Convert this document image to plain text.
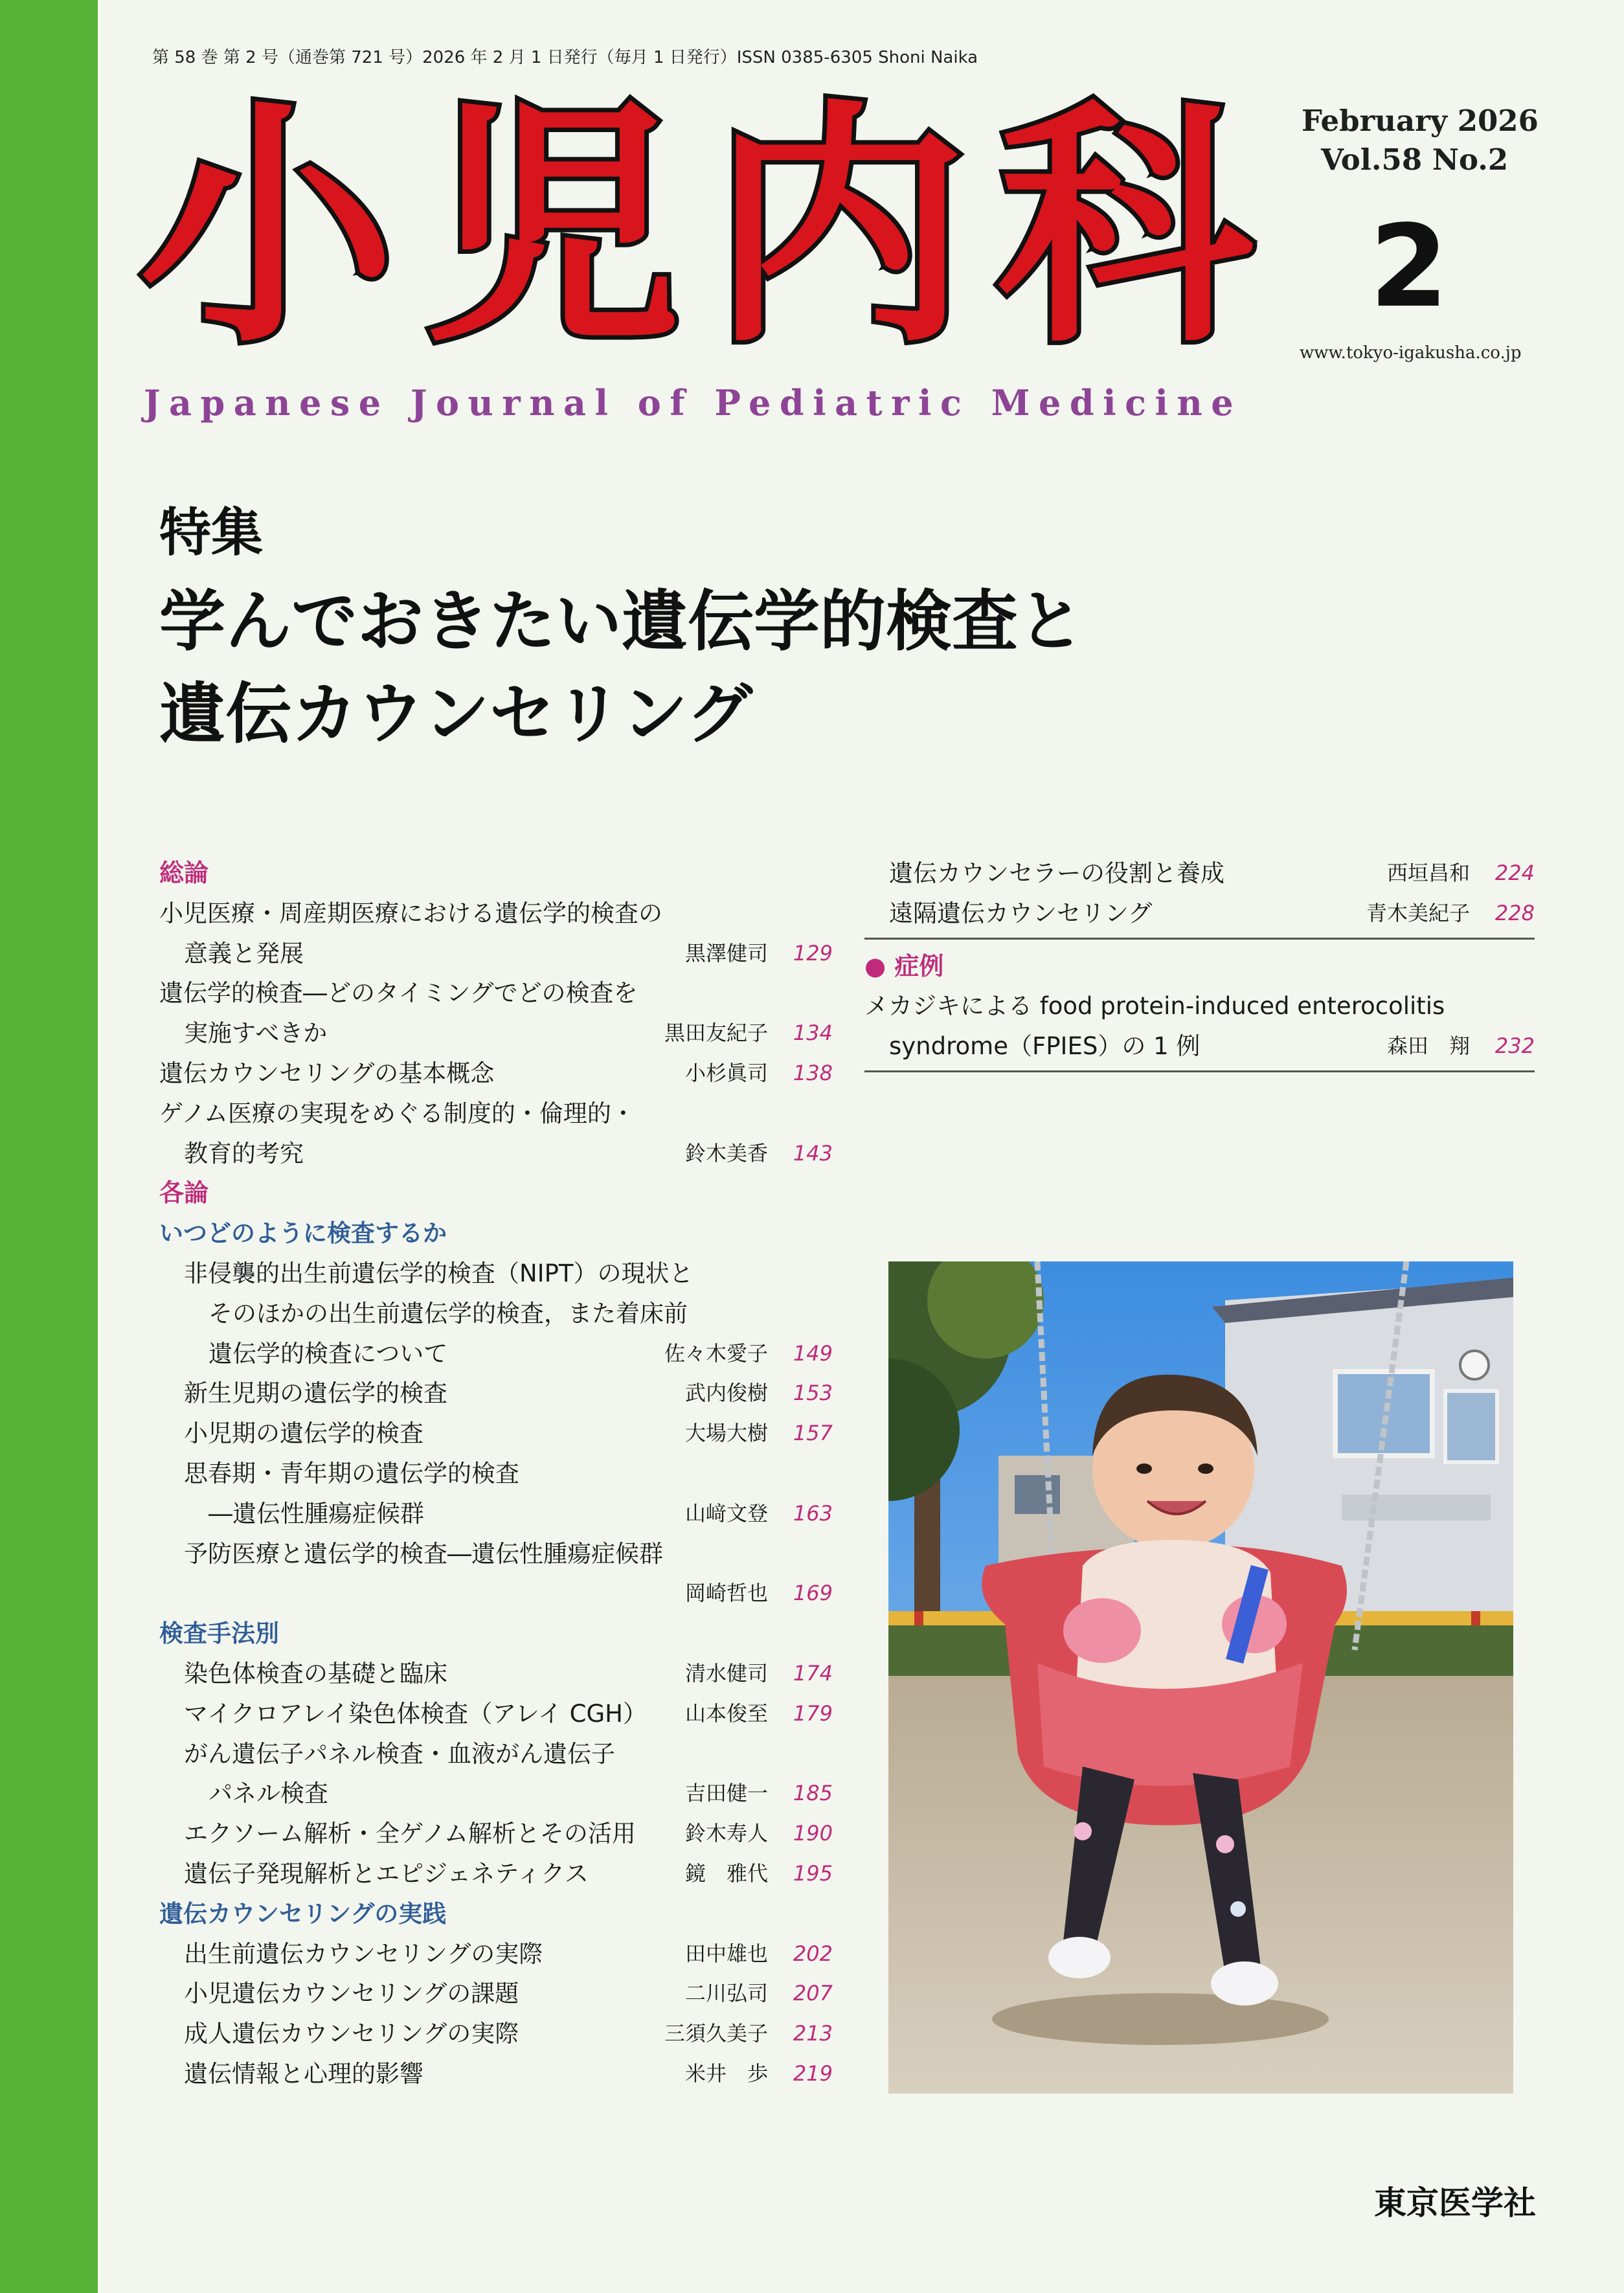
第 58 巻 第 2 号（通巻第 721 号）2026 年 2 月 1 日発行（毎月 1 日発行）ISSN 0385-6305 Shoni Naika
小 児 内 科
Japanese Journal of Pediatric Medicine
February 2026
Vol.58 No.2
2
www.tokyo-igakusha.co.jp
特集
学んでおきたい遺伝学的検査と
遺伝カウンセリング
総論
小児医療・周産期医療における遺伝学的検査の
意義と発展	黒澤健司 129
遺伝学的検査―どのタイミングでどの検査を
実施すべきか	黒田友紀子 134
遺伝カウンセリングの基本概念	小杉眞司 138
ゲノム医療の実現をめぐる制度的・倫理的・
教育的考究	鈴木美香 143
各論
いつどのように検査するか
非侵襲的出生前遺伝学的検査（NIPT）の現状と
そのほかの出生前遺伝学的検査，また着床前
遺伝学的検査について	佐々木愛子 149
新生児期の遺伝学的検査	武内俊樹 153
小児期の遺伝学的検査	大場大樹 157
思春期・青年期の遺伝学的検査
―遺伝性腫瘍症候群	山﨑文登 163
予防医療と遺伝学的検査―遺伝性腫瘍症候群
岡崎哲也 169
検査手法別
染色体検査の基礎と臨床	清水健司 174
マイクロアレイ染色体検査（アレイ CGH） 山本俊至 179
がん遺伝子パネル検査・血液がん遺伝子
パネル検査	吉田健一 185
エクソーム解析・全ゲノム解析とその活用 鈴木寿人 190
遺伝子発現解析とエピジェネティクス	鏡　雅代 195
遺伝カウンセリングの実践
出生前遺伝カウンセリングの実際	田中雄也 202
小児遺伝カウンセリングの課題	二川弘司 207
成人遺伝カウンセリングの実際	三須久美子 213
遺伝情報と心理的影響	米井　歩 219
遺伝カウンセラーの役割と養成	西垣昌和 224
遠隔遺伝カウンセリング	青木美紀子 228
● 症例
メカジキによる food protein-induced enterocolitis
syndrome（FPIES）の 1 例	森田　翔 232
東京医学社
